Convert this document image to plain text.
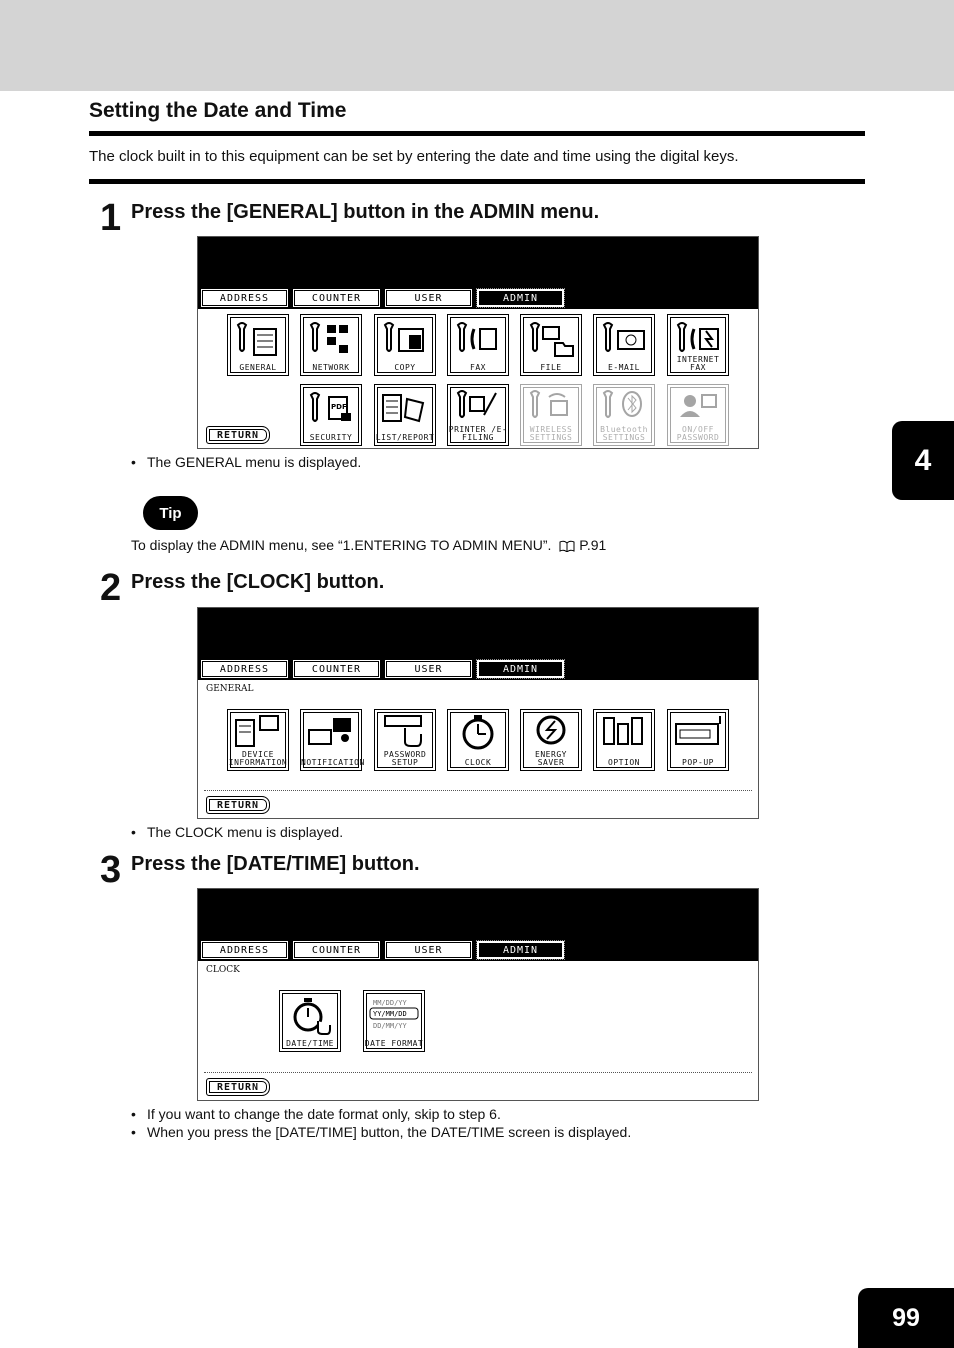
Setting the Date and Time
The clock built in to this equipment can be set by entering the date and time using the digital keys.
4
1 Press the [GENERAL] button in the ADMIN menu.
ADDRESS	COUNTER	USER	ADMIN
GENERAL	NETWORK	COPY	FAX	FILE	E-MAIL
INTERNET FAX
RETURN
PDF
SECURITY	LIST/REPORT
PRINTER /E-FILING
WIRELESS SETTINGS
Bluetooth SETTINGS
ON/OFF PASSWORD
• The GENERAL menu is displayed.
Tip
To display the ADMIN menu, see “1.ENTERING TO ADMIN MENU”. P.91
2 Press the [CLOCK] button.
ADDRESS	COUNTER	USER	ADMIN
GENERAL
DEVICE INFORMATION NOTIFICATION
PASSWORD SETUP	CLOCK
ENERGY SAVER	OPTION	POP-UP
RETURN
• The CLOCK menu is displayed.
3 Press the [DATE/TIME] button.
ADDRESS	COUNTER	USER	ADMIN
CLOCK
DATE/TIME
MM/DD/YY
YY/MM/DD
DD/MM/YY
DATE FORMAT
RETURN
• If you want to change the date format only, skip to step 6.
• When you press the [DATE/TIME] button, the DATE/TIME screen is displayed.
99
